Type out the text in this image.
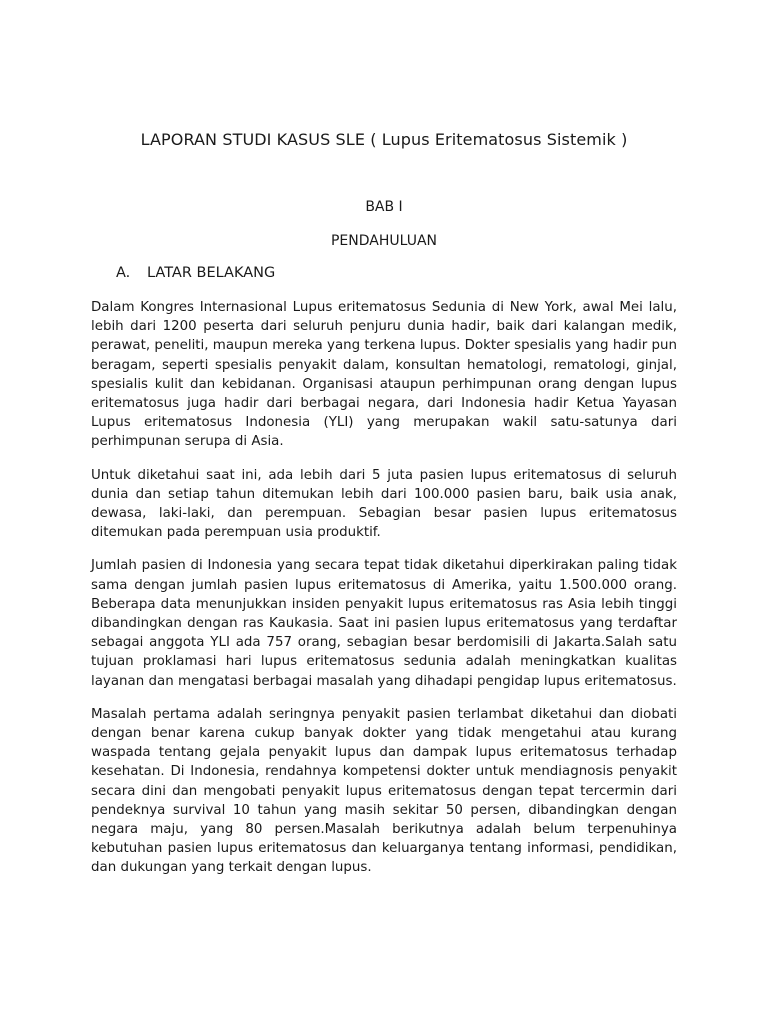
LAPORAN STUDI KASUS SLE ( Lupus Eritematosus Sistemik )
BAB I
PENDAHULUAN
A. LATAR BELAKANG

Dalam Kongres Internasional Lupus eritematosus Sedunia di New York, awal Mei lalu, lebih dari 1200 peserta dari seluruh penjuru dunia hadir, baik dari kalangan medik, perawat, peneliti, maupun mereka yang terkena lupus. Dokter spesialis yang hadir pun beragam, seperti spesialis penyakit dalam, konsultan hematologi, rematologi, ginjal, spesialis kulit dan kebidanan. Organisasi ataupun perhimpunan orang dengan lupus eritematosus juga hadir dari berbagai negara, dari Indonesia hadir Ketua Yayasan Lupus eritematosus Indonesia (YLI) yang merupakan wakil satu-satunya dari perhimpunan serupa di Asia.

Untuk diketahui saat ini, ada lebih dari 5 juta pasien lupus eritematosus di seluruh dunia dan setiap tahun ditemukan lebih dari 100.000 pasien baru, baik usia anak, dewasa, laki-laki, dan perempuan. Sebagian besar pasien lupus eritematosus ditemukan pada perempuan usia produktif.

Jumlah pasien di Indonesia yang secara tepat tidak diketahui diperkirakan paling tidak sama dengan jumlah pasien lupus eritematosus di Amerika, yaitu 1.500.000 orang. Beberapa data menunjukkan insiden penyakit lupus eritematosus ras Asia lebih tinggi dibandingkan dengan ras Kaukasia. Saat ini pasien lupus eritematosus yang terdaftar sebagai anggota YLI ada 757 orang, sebagian besar berdomisili di Jakarta.Salah satu tujuan proklamasi hari lupus eritematosus sedunia adalah meningkatkan kualitas layanan dan mengatasi berbagai masalah yang dihadapi pengidap lupus eritematosus.

Masalah pertama adalah seringnya penyakit pasien terlambat diketahui dan diobati dengan benar karena cukup banyak dokter yang tidak mengetahui atau kurang waspada tentang gejala penyakit lupus dan dampak lupus eritematosus terhadap kesehatan. Di Indonesia, rendahnya kompetensi dokter untuk mendiagnosis penyakit secara dini dan mengobati penyakit lupus eritematosus dengan tepat tercermin dari pendeknya survival 10 tahun yang masih sekitar 50 persen, dibandingkan dengan negara maju, yang 80 persen.Masalah berikutnya adalah belum terpenuhinya kebutuhan pasien lupus eritematosus dan keluarganya tentang informasi, pendidikan, dan dukungan yang terkait dengan lupus.
